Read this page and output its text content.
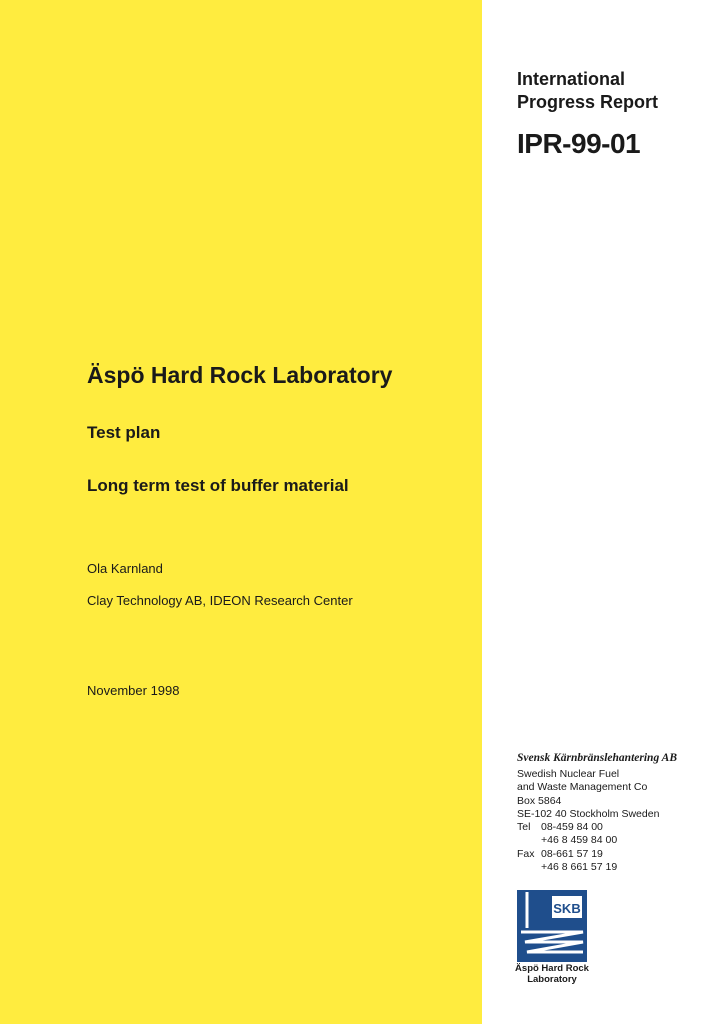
International
Progress Report
IPR-99-01
Äspö Hard Rock Laboratory
Test plan
Long term test of buffer material
Ola Karnland
Clay Technology AB, IDEON Research Center
November 1998
Svensk Kärnbränslehantering AB
Swedish Nuclear Fuel
and Waste Management Co
Box 5864
SE-102 40 Stockholm Sweden
Tel	08-459 84 00
+46 8 459 84 00
Fax 08-661 57 19
+46 8 661 57 19
SKB
Äspö Hard Rock
Laboratory
